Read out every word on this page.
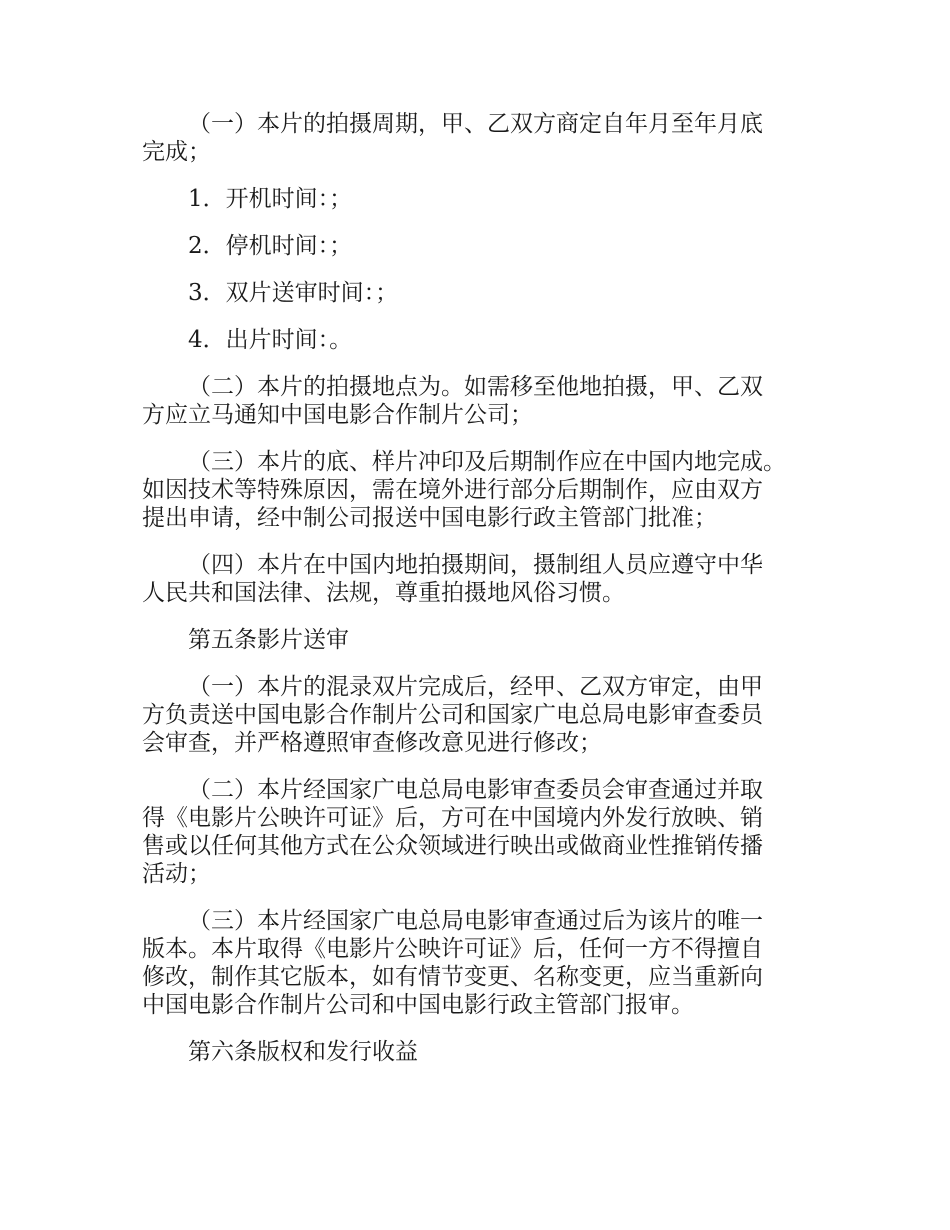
（一）本片的拍摄周期，甲、乙双方商定自年月至年月底
完成；

1．开机时间：；

2．停机时间：；

3．双片送审时间：；

4．出片时间：。

（二）本片的拍摄地点为。如需移至他地拍摄，甲、乙双
方应立马通知中国电影合作制片公司；

（三）本片的底、样片冲印及后期制作应在中国内地完成。
如因技术等特殊原因，需在境外进行部分后期制作，应由双方
提出申请，经中制公司报送中国电影行政主管部门批准；

（四）本片在中国内地拍摄期间，摄制组人员应遵守中华
人民共和国法律、法规，尊重拍摄地风俗习惯。

第五条影片送审

（一）本片的混录双片完成后，经甲、乙双方审定，由甲
方负责送中国电影合作制片公司和国家广电总局电影审查委员
会审查，并严格遵照审查修改意见进行修改；

（二）本片经国家广电总局电影审查委员会审查通过并取
得《电影片公映许可证》后，方可在中国境内外发行放映、销
售或以任何其他方式在公众领域进行映出或做商业性推销传播
活动；

（三）本片经国家广电总局电影审查通过后为该片的唯一
版本。本片取得《电影片公映许可证》后，任何一方不得擅自
修改，制作其它版本，如有情节变更、名称变更，应当重新向
中国电影合作制片公司和中国电影行政主管部门报审。

第六条版权和发行收益
